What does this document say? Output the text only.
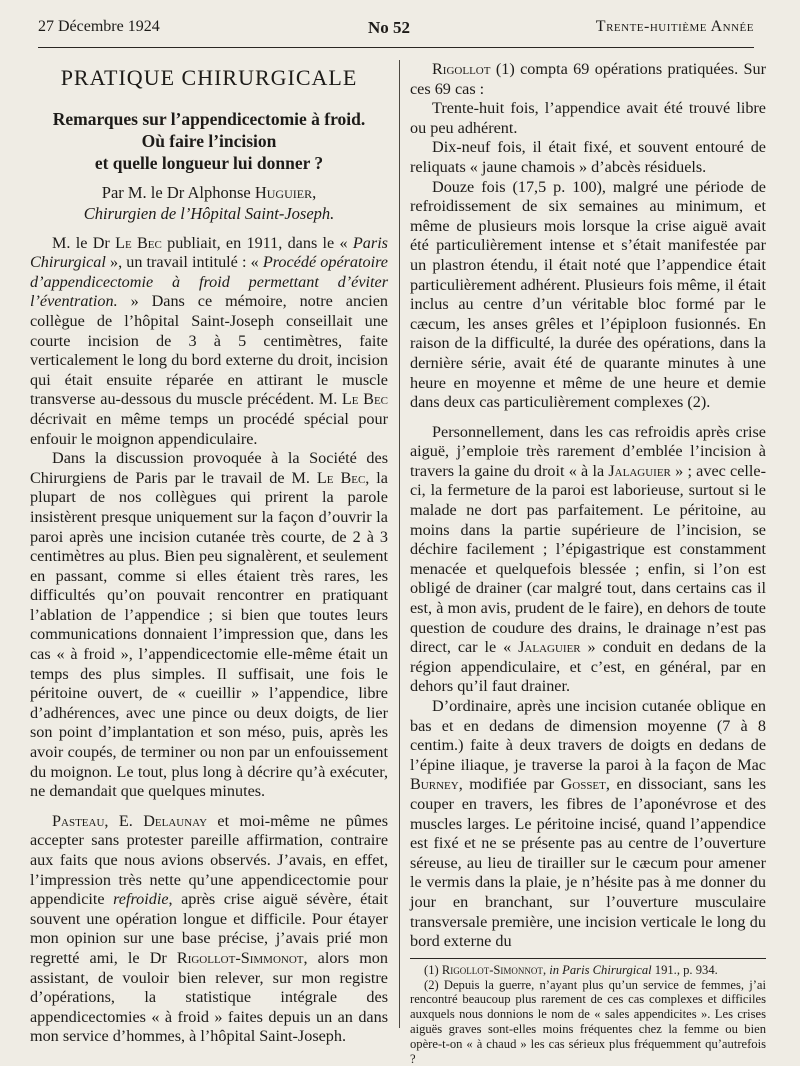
27 Décembre 1924	No 52	Trente-huitième Année
PRATIQUE CHIRURGICALE
Remarques sur l’appendicectomie à froid.
Où faire l’incision
et quelle longueur lui donner ?
Par M. le Dr Alphonse Huguier,
Chirurgien de l’Hôpital Saint-Joseph.

M. le Dr Le Bec publiait, en 1911, dans le « Paris Chirurgical », un travail intitulé : « Procédé opératoire d’appendicectomie à froid permettant d’éviter l’éventration. » Dans ce mémoire, notre ancien collègue de l’hôpital Saint-Joseph conseillait une courte incision de 3 à 5 centimètres, faite verticalement le long du bord externe du droit, incision qui était ensuite réparée en attirant le muscle transverse au-dessous du muscle précédent. M. Le Bec décrivait en même temps un procédé spécial pour enfouir le moignon appendiculaire.

Dans la discussion provoquée à la Société des Chirurgiens de Paris par le travail de M. Le Bec, la plupart de nos collègues qui prirent la parole insistèrent presque uniquement sur la façon d’ouvrir la paroi après une incision cutanée très courte, de 2 à 3 centimètres au plus. Bien peu signalèrent, et seulement en passant, comme si elles étaient très rares, les difficultés qu’on pouvait rencontrer en pratiquant l’ablation de l’appendice ; si bien que toutes leurs communications donnaient l’impression que, dans les cas « à froid », l’appendicectomie elle-même était un temps des plus simples. Il suffisait, une fois le péritoine ouvert, de « cueillir » l’appendice, libre d’adhérences, avec une pince ou deux doigts, de lier son point d’implantation et son méso, puis, après les avoir coupés, de terminer ou non par un enfouissement du moignon. Le tout, plus long à décrire qu’à exécuter, ne demandait que quelques minutes.

Pasteau, E. Delaunay et moi-même ne pûmes accepter sans protester pareille affirmation, contraire aux faits que nous avions observés. J’avais, en effet, l’impression très nette qu’une appendicectomie pour appendicite refroidie, après crise aiguë sévère, était souvent une opération longue et difficile. Pour étayer mon opinion sur une base précise, j’avais prié mon regretté ami, le Dr Rigollot-Simmonot, alors mon assistant, de vouloir bien relever, sur mon registre d’opérations, la statistique intégrale des appendicectomies « à froid » faites depuis un an dans mon service d’hommes, à l’hôpital Saint-Joseph.

Rigollot (1) compta 69 opérations pratiquées. Sur ces 69 cas :

Trente-huit fois, l’appendice avait été trouvé libre ou peu adhérent.

Dix-neuf fois, il était fixé, et souvent entouré de reliquats « jaune chamois » d’abcès résiduels.

Douze fois (17,5 p. 100), malgré une période de refroidissement de six semaines au minimum, et même de plusieurs mois lorsque la crise aiguë avait été particulièrement intense et s’était manifestée par un plastron étendu, il était noté que l’appendice était particulièrement adhérent. Plusieurs fois même, il était inclus au centre d’un véritable bloc formé par le cæcum, les anses grêles et l’épiploon fusionnés. En raison de la difficulté, la durée des opérations, dans la dernière série, avait été de quarante minutes à une heure en moyenne et même de une heure et demie dans deux cas particulièrement complexes (2).

Personnellement, dans les cas refroidis après crise aiguë, j’emploie très rarement d’emblée l’incision à travers la gaine du droit « à la Jalaguier » ; avec celle-ci, la fermeture de la paroi est laborieuse, surtout si le malade ne dort pas parfaitement. Le péritoine, au moins dans la partie supérieure de l’incision, se déchire facilement ; l’épigastrique est constamment menacée et quelquefois blessée ; enfin, si l’on est obligé de drainer (car malgré tout, dans certains cas il est, à mon avis, prudent de le faire), en dehors de toute question de coudure des drains, le drainage n’est pas direct, car le « Jalaguier » conduit en dedans de la région appendiculaire, et c’est, en général, par en dehors qu’il faut drainer.

D’ordinaire, après une incision cutanée oblique en bas et en dedans de dimension moyenne (7 à 8 centim.) faite à deux travers de doigts en dedans de l’épine iliaque, je traverse la paroi à la façon de Mac Burney, modifiée par Gosset, en dissociant, sans les couper en travers, les fibres de l’aponévrose et des muscles larges. Le péritoine incisé, quand l’appendice est fixé et ne se présente pas au centre de l’ouverture séreuse, au lieu de tirailler sur le cæcum pour amener le vermis dans la plaie, je n’hésite pas à me donner du jour en branchant, sur l’ouverture musculaire transversale première, une incision verticale le long du bord externe du

(1) Rigollot-Simonnot, in Paris Chirurgical 191., p. 934.

(2) Depuis la guerre, n’ayant plus qu’un service de femmes, j’ai rencontré beaucoup plus rarement de ces cas complexes et difficiles auxquels nous donnions le nom de « sales appendicites ». Les crises aiguës graves sont-elles moins fréquentes chez la femme ou bien opère-t-on « à chaud » les cas sérieux plus fréquemment qu’autrefois ?
